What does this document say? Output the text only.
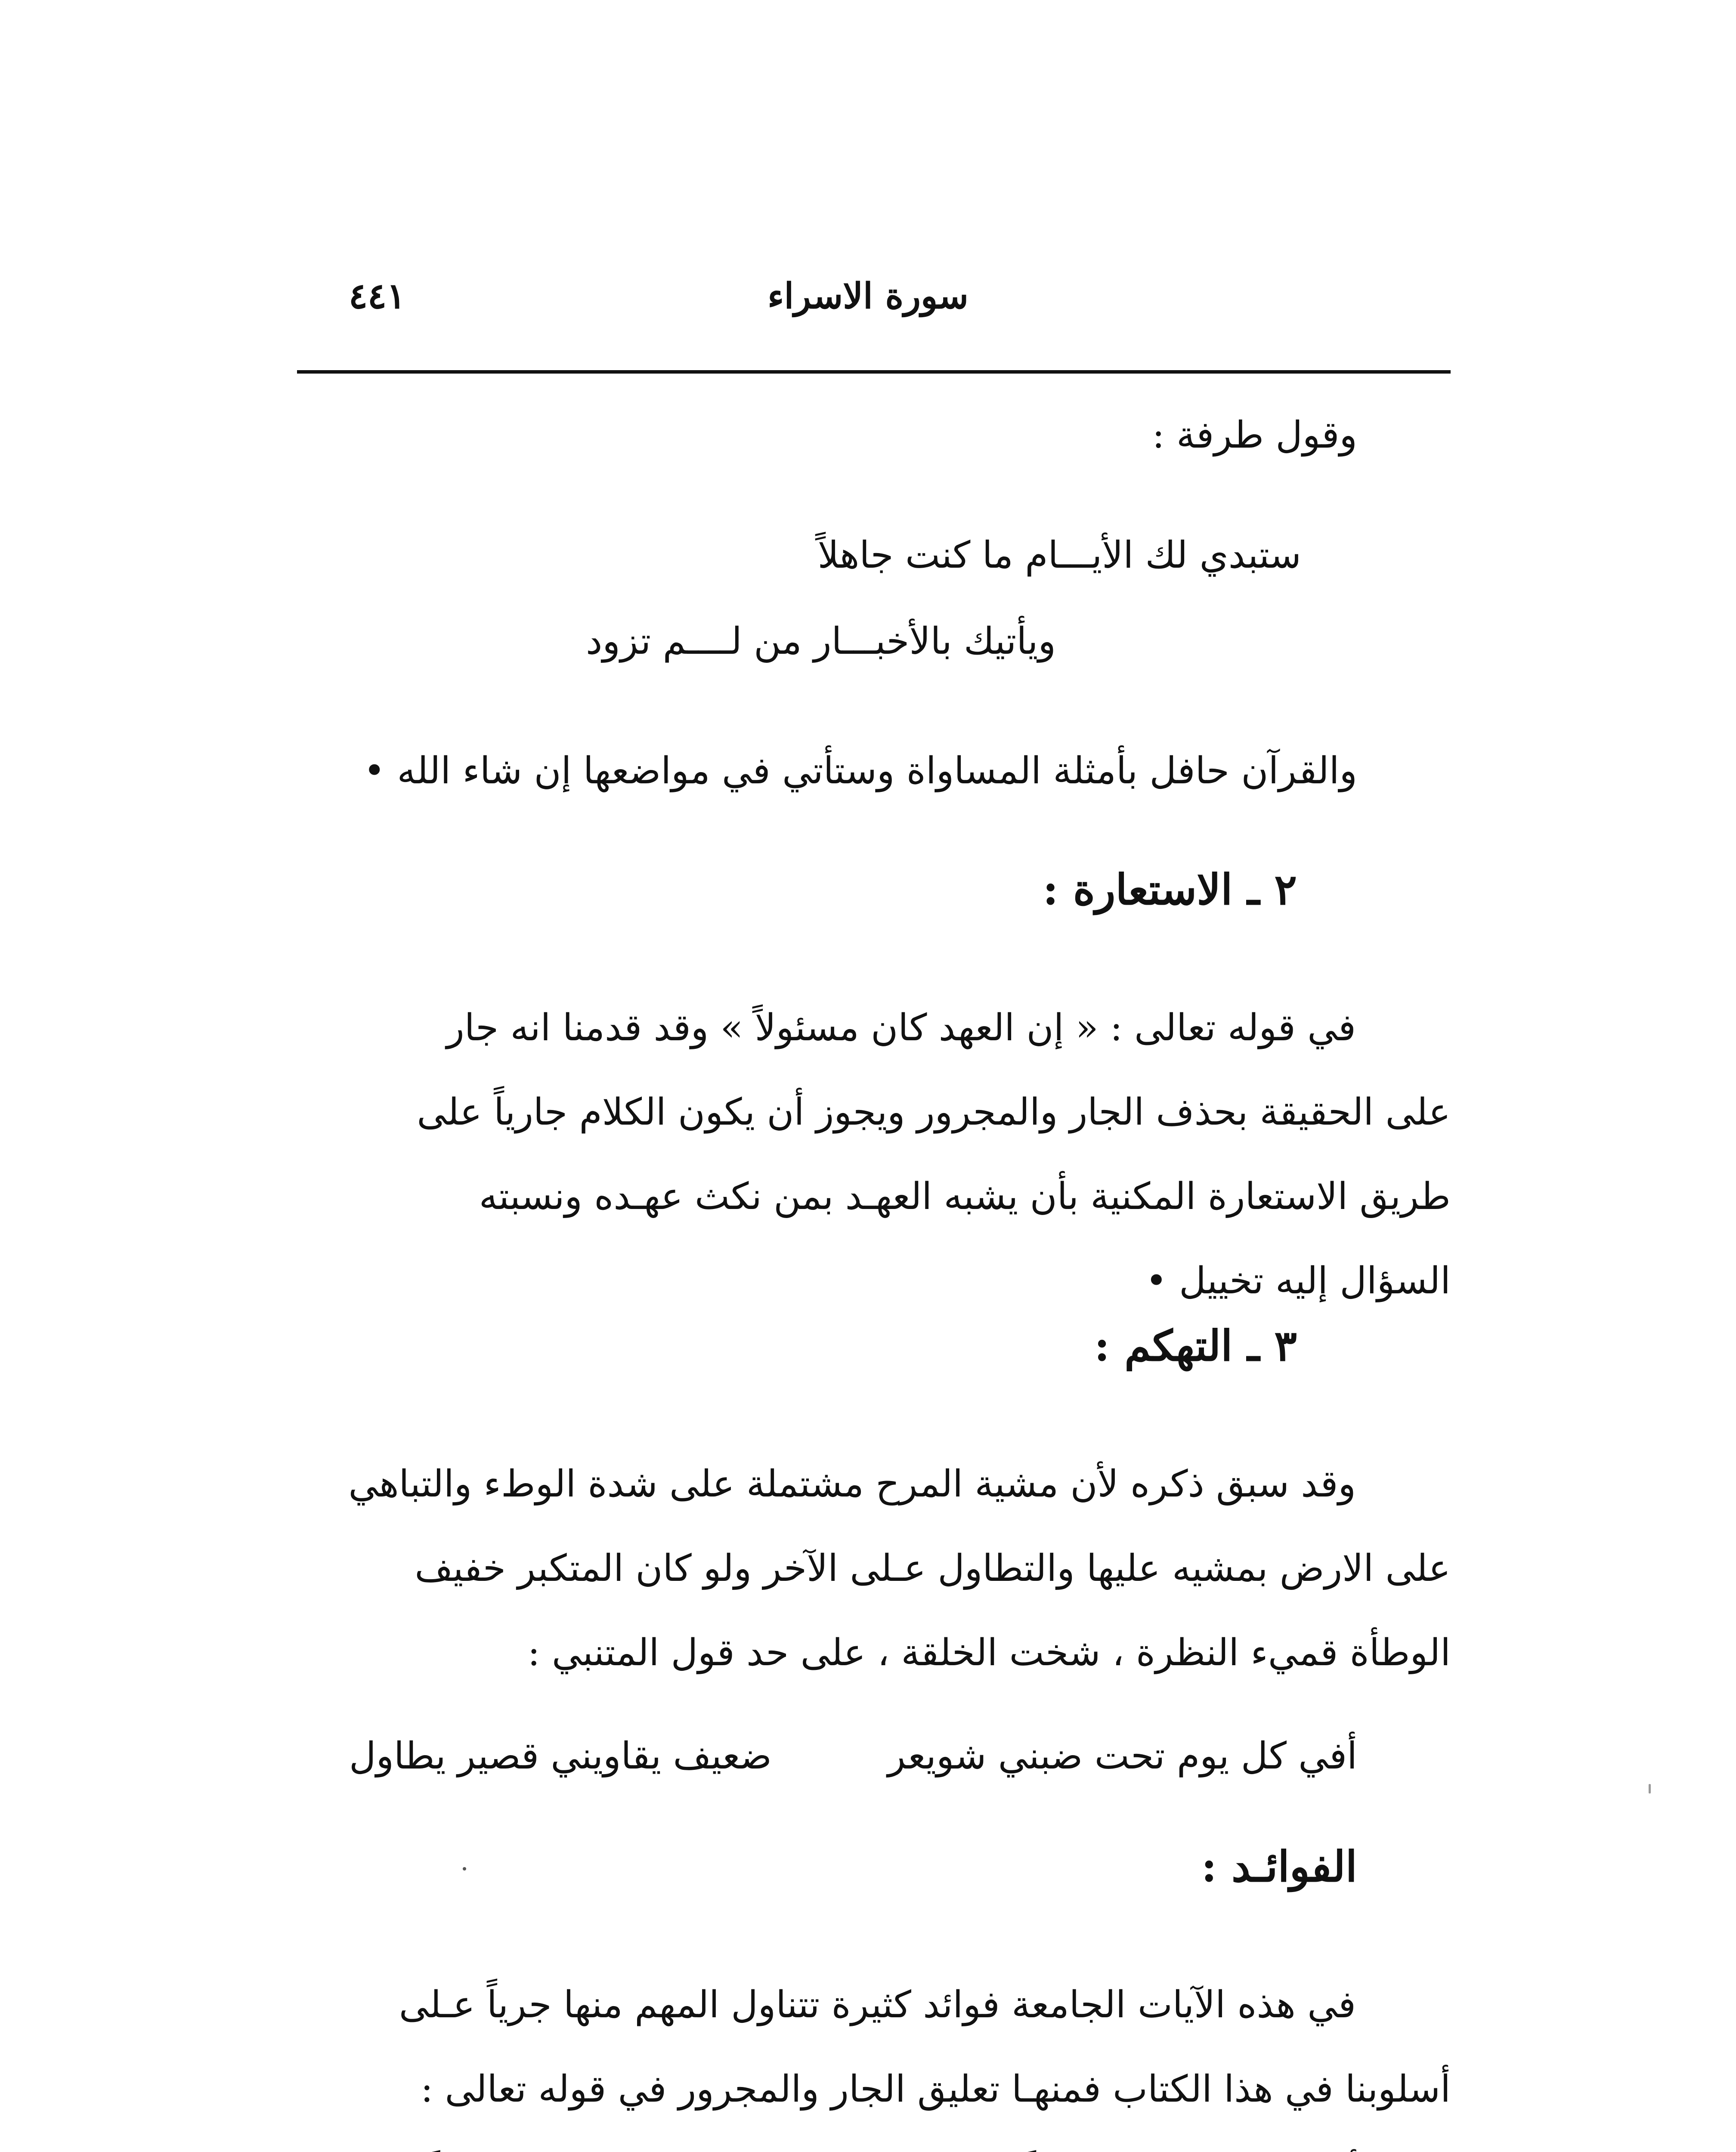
سورة الاسراء
٤٤١
وقول طرفة :
ستبدي لك الأيـــام ما كنت جاهلاً
ويأتيك بالأخبـــار من لــــم تزود
والقرآن حافل بأمثلة المساواة وستأتي في مواضعها إن شاء الله •
٢ ـ الاستعارة :
في قوله تعالى : « إن العهد كان مسئولاً » وقد قدمنا انه جار
على الحقيقة بحذف الجار والمجرور ويجوز أن يكون الكلام جارياً على
طريق الاستعارة المكنية بأن يشبه العهـد بمن نكث عهـده ونسبته
السؤال إليه تخييل •
٣ ـ التهكم :
وقد سبق ذكره لأن مشية المرح مشتملة على شدة الوطء والتباهي
على الارض بمشيه عليها والتطاول عـلى الآخر ولو كان المتكبر خفيف
الوطأة قميء النظرة ، شخت الخلقة ، على حد قول المتنبي :
أفي كل يوم تحت ضبني شويعر
ضعيف يقاويني قصير يطاول
الفوائـد :
في هذه الآيات الجامعة فوائد كثيرة تتناول المهم منها جرياً عـلى
أسلوبنا في هذا الكتاب فمنهـا تعليق الجار والمجرور في قوله تعالى :
